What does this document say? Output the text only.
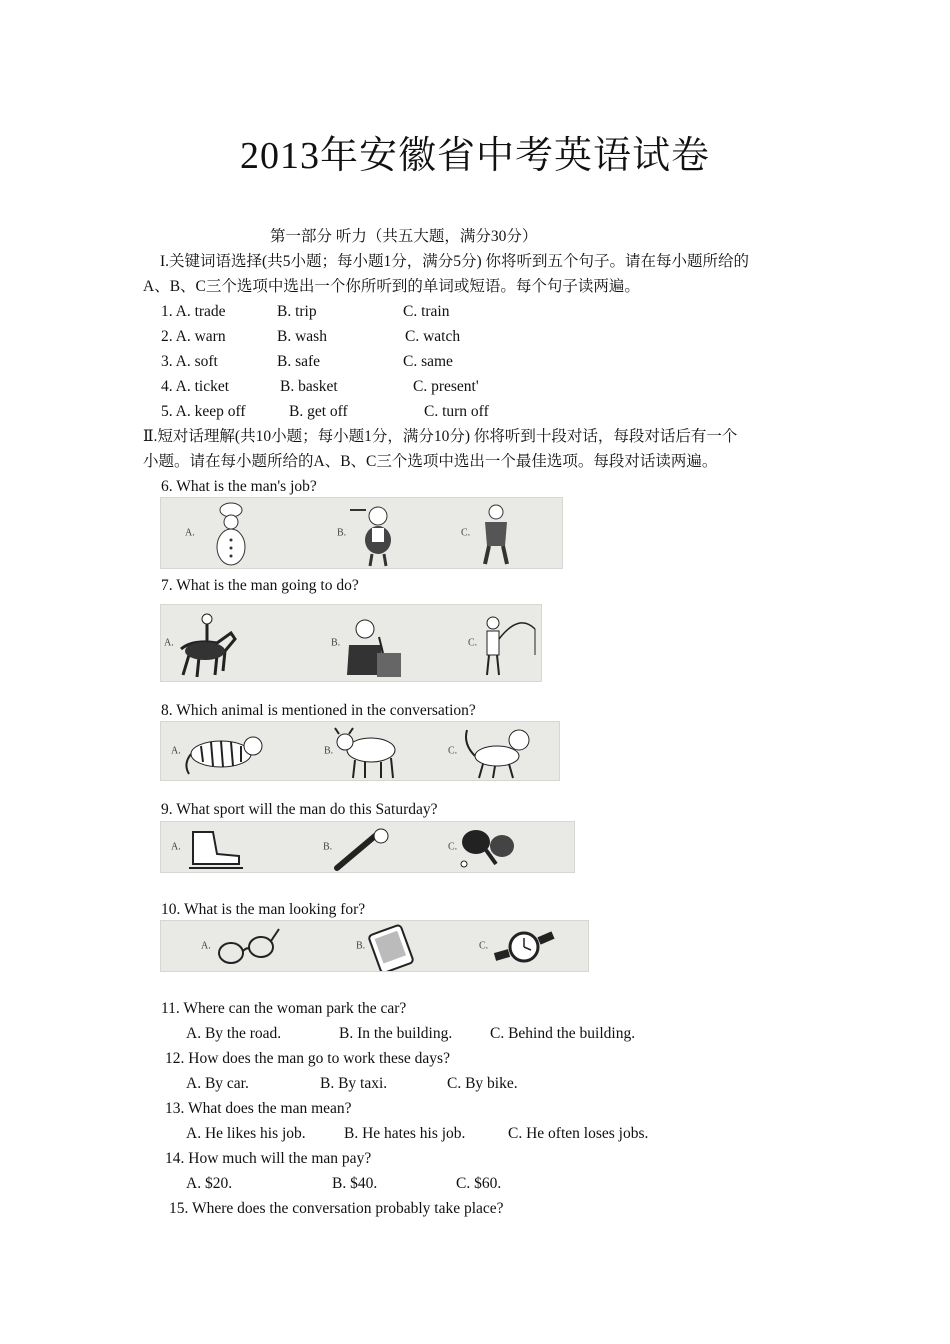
2013年安徽省中考英语试卷
第一部分 听力（共五大题，满分30分）
I.关键词语选择(共5小题；每小题1分，满分5分) 你将听到五个句子。请在每小题所给的
A、B、C三个选项中选出一个你所听到的单词或短语。每个句子读两遍。
1. A. trade	B. trip	C. train
2. A. warn	B. wash	C. watch
3. A. soft	B. safe	C. same
4. A. ticket	B. basket	C. present'
5. A. keep off	B. get off	C. turn off
Ⅱ.短对话理解(共10小题；每小题1分，满分10分) 你将听到十段对话，每段对话后有一个
小题。请在每小题所给的A、B、C三个选项中选出一个最佳选项。每段对话读两遍。
6. What is the man's job?
A.	B.	C.
7. What is the man going to do?
A.	B.	C.
8. Which animal is mentioned in the conversation?
A.	B.	C.
9. What sport will the man do this Saturday?
A.	B.	C.
10. What is the man looking for?
A.	B.	C.
11. Where can the woman park the car?
A. By the road.	B. In the building. C. Behind the building.
12. How does the man go to work these days?
A. By car.	B. By taxi.	C. By bike.
13. What does the man mean?
A. He likes his job. B. He hates his job.	C. He often loses jobs.
14. How much will the man pay?
A. $20.	B. $40.	C. $60.
15. Where does the conversation probably take place?
